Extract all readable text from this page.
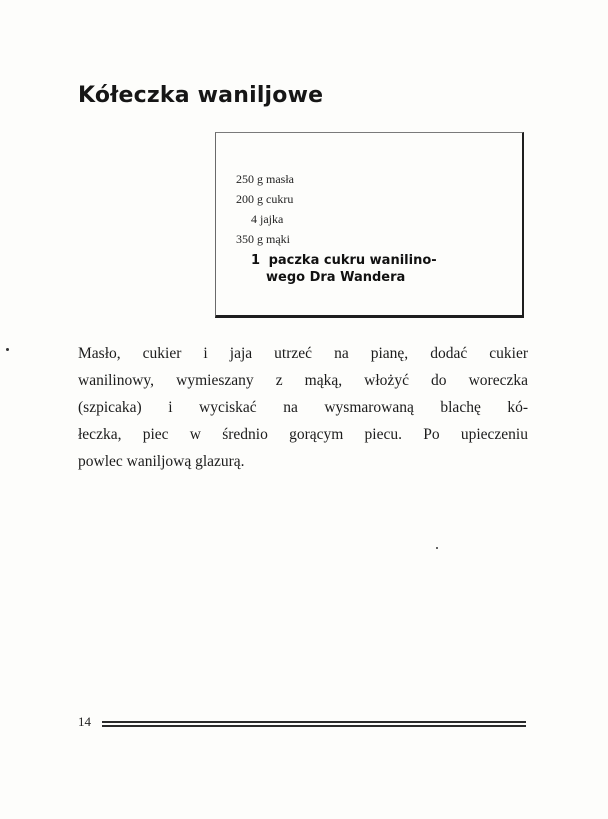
Kółeczka waniljowe
250 g masła
200 g cukru
4 jajka
350 g mąki
1 paczka cukru wanilino-
wego Dra Wandera

Masło, cukier i jaja utrzeć na pianę, dodać cukier
wanilinowy, wymieszany z mąką, włożyć do woreczka
(szpicaka) i wyciskać na wysmarowaną blachę kó-
łeczka, piec w średnio gorącym piecu. Po upieczeniu
powlec waniljową glazurą.

14
